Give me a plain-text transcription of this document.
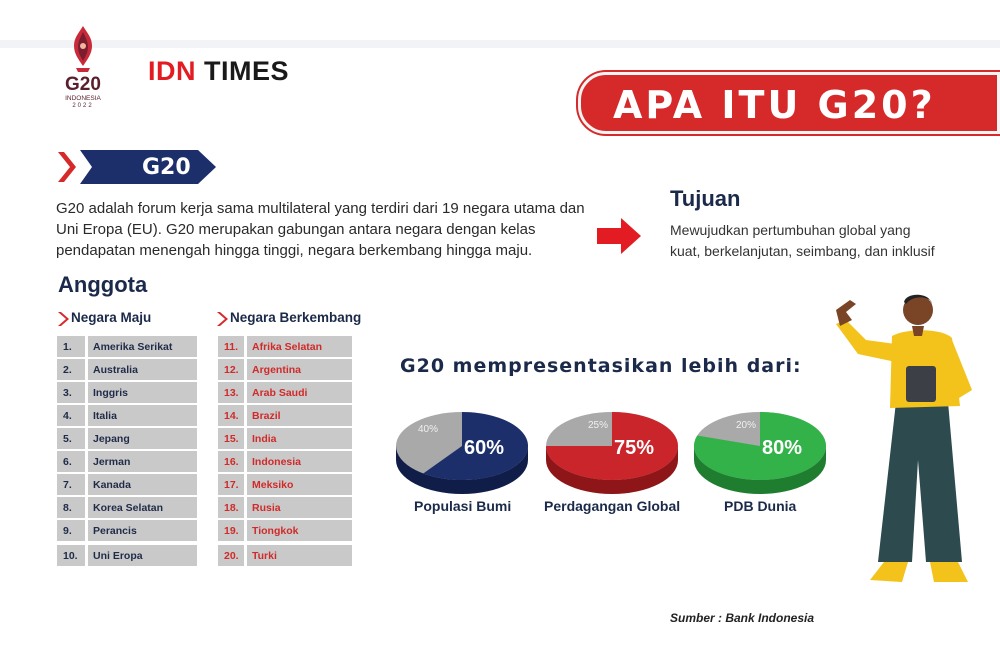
G20
INDONESIA
2022
IDN TIMES
APA ITU G20?
G20
G20 adalah forum kerja sama multilateral yang terdiri dari 19 negara utama dan Uni Eropa (EU). G20 merupakan gabungan antara negara dengan kelas pendapatan menengah hingga tinggi, negara berkembang hingga maju.
Tujuan
Mewujudkan pertumbuhan global yang kuat, berkelanjutan, seimbang, dan inklusif
Anggota
Negara Maju	Negara Berkembang
1. Amerika Serikat
2. Australia
3. Inggris
4. Italia
5. Jepang
6. Jerman
7. Kanada
8. Korea Selatan
9. Perancis
10. Uni Eropa
11. Afrika Selatan
12. Argentina
13. Arab Saudi
14. Brazil
15. India
16. Indonesia
17. Meksiko
18. Rusia
19. Tiongkok
20. Turki
G20 mempresentasikan lebih dari:
60%
40%
Populasi Bumi
75%
25%
Perdagangan Global
80%
20%
PDB Dunia
Sumber : Bank Indonesia
